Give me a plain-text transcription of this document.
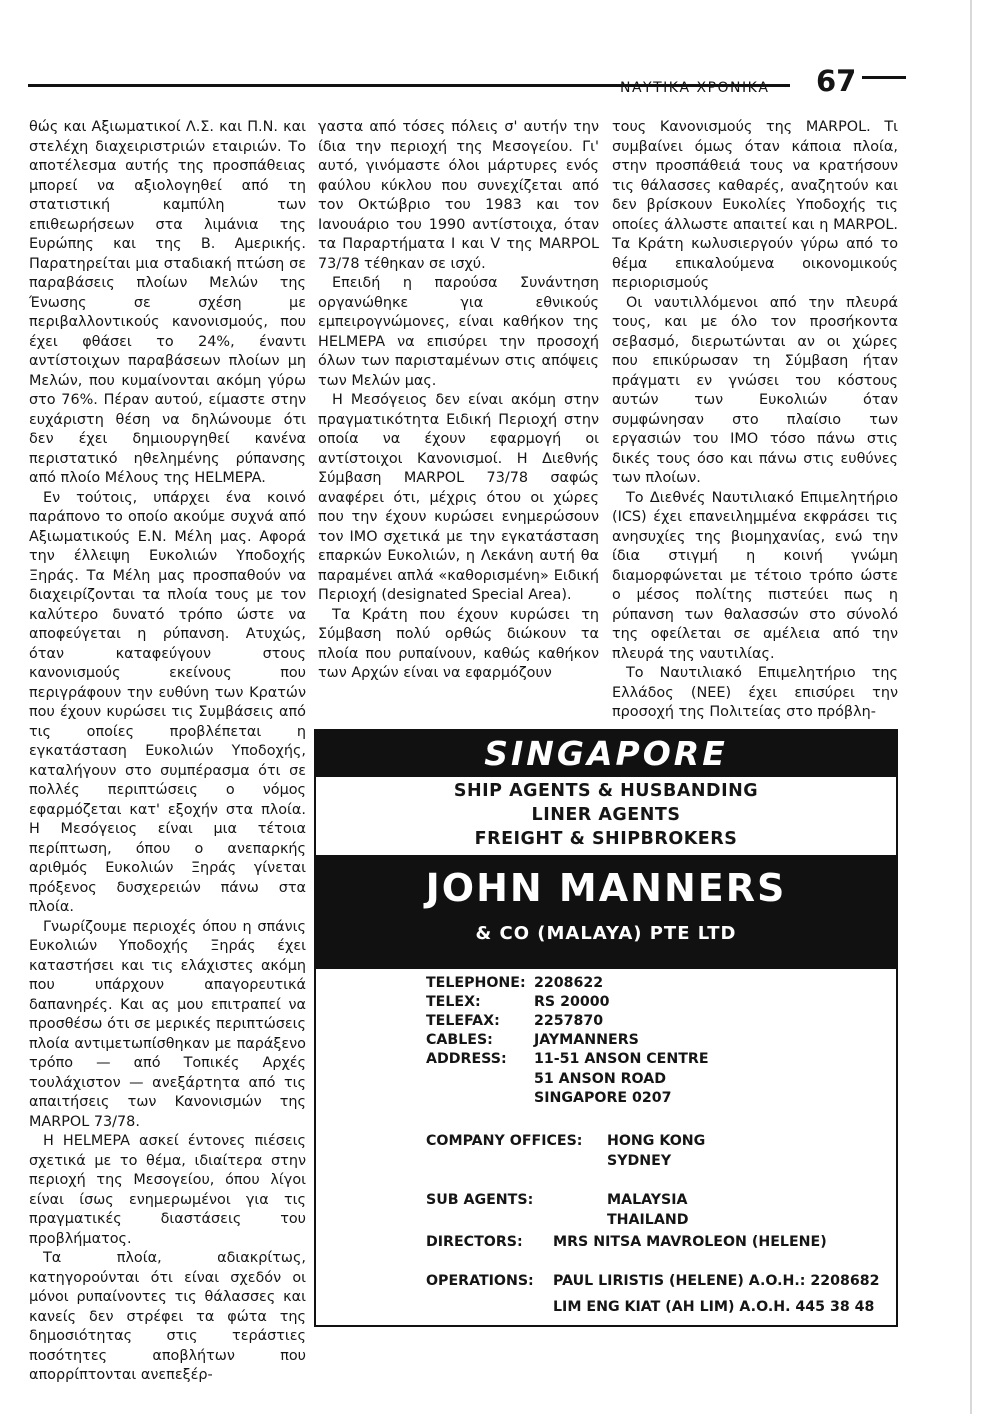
ΝΑΥΤΙΚΑ ΧΡΟΝΙΚΑ 67

θώς και Αξιωματικοί Λ.Σ. και Π.Ν. και στελέχη διαχειριστριών εταιριών. Το αποτέλεσμα αυτής της προσπάθειας μπορεί να αξιολογηθεί από τη στατιστική καμπύλη των επιθεωρήσεων στα λιμάνια της Ευρώπης και της Β. Αμερικής. Παρατηρείται μια σταδιακή πτώση σε παραβάσεις πλοίων Μελών της Ένωσης σε σχέση με περιβαλλοντικούς κανονισμούς, που έχει φθάσει το 24%, έναντι αντίστοιχων παραβάσεων πλοίων μη Μελών, που κυμαίνονται ακόμη γύρω στο 76%. Πέραν αυτού, είμαστε στην ευχάριστη θέση να δηλώνουμε ότι δεν έχει δημιουργηθεί κανένα περιστατικό ηθελημένης ρύπανσης από πλοίο Μέλους της HELMEPA.

Εν τούτοις, υπάρχει ένα κοινό παράπονο το οποίο ακούμε συχνά από Αξιωματικούς Ε.Ν. Μέλη μας. Αφορά την έλλειψη Ευκολιών Υποδοχής Ξηράς. Τα Μέλη μας προσπαθούν να διαχειρίζονται τα πλοία τους με τον καλύτερο δυνατό τρόπο ώστε να αποφεύγεται η ρύπανση. Ατυχώς, όταν καταφεύγουν στους κανονισμούς εκείνους που περιγράφουν την ευθύνη των Κρατών που έχουν κυρώσει τις Συμβάσεις από τις οποίες προβλέπεται η εγκατάσταση Ευκολιών Υποδοχής, καταλήγουν στο συμπέρασμα ότι σε πολλές περιπτώσεις ο νόμος εφαρμόζεται κατ' εξοχήν στα πλοία. Η Μεσόγειος είναι μια τέτοια περίπτωση, όπου ο ανεπαρκής αριθμός Ευκολιών Ξηράς γίνεται πρόξενος δυσχερειών πάνω στα πλοία.

Γνωρίζουμε περιοχές όπου η σπάνις Ευκολιών Υποδοχής Ξηράς έχει καταστήσει και τις ελάχιστες ακόμη που υπάρχουν απαγορευτικά δαπανηρές. Και ας μου επιτραπεί να προσθέσω ότι σε μερικές περιπτώσεις πλοία αντιμετωπίσθηκαν με παράξενο τρόπο — από Τοπικές Αρχές τουλάχιστον — ανεξάρτητα από τις απαιτήσεις των Κανονισμών της MARPOL 73/78.

Η HELMEPA ασκεί έντονες πιέσεις σχετικά με το θέμα, ιδιαίτερα στην περιοχή της Μεσογείου, όπου λίγοι είναι ίσως ενημερωμένοι για τις πραγματικές διαστάσεις του προβλήματος.

Τα πλοία, αδιακρίτως, κατηγορούνται ότι είναι σχεδόν οι μόνοι ρυπαίνοντες τις θάλασσες και κανείς δεν στρέφει τα φώτα της δημοσιότητας στις τεράστιες ποσότητες αποβλήτων που απορρίπτονται ανεπεξέρ-

γαστα από τόσες πόλεις σ' αυτήν την ίδια την περιοχή της Μεσογείου. Γι' αυτό, γινόμαστε όλοι μάρτυρες ενός φαύλου κύκλου που συνεχίζεται από τον Οκτώβριο του 1983 και τον Ιανουάριο του 1990 αντίστοιχα, όταν τα Παραρτήματα I και V της MARPOL 73/78 τέθηκαν σε ισχύ.

Επειδή η παρούσα Συνάντηση οργανώθηκε για εθνικούς εμπειρογνώμονες, είναι καθήκον της HELMEPA να επισύρει την προσοχή όλων των παρισταμένων στις απόψεις των Μελών μας.

Η Μεσόγειος δεν είναι ακόμη στην πραγματικότητα Ειδική Περιοχή στην οποία να έχουν εφαρμογή οι αντίστοιχοι Κανονισμοί. Η Διεθνής Σύμβαση MARPOL 73/78 σαφώς αναφέρει ότι, μέχρις ότου οι χώρες που την έχουν κυρώσει ενημερώσουν τον IMO σχετικά με την εγκατάσταση επαρκών Ευκολιών, η Λεκάνη αυτή θα παραμένει απλά «καθορισμένη» Ειδική Περιοχή (designated Special Area).

Τα Κράτη που έχουν κυρώσει τη Σύμβαση πολύ ορθώς διώκουν τα πλοία που ρυπαίνουν, καθώς καθήκον των Αρχών είναι να εφαρμόζουν

τους Κανονισμούς της MARPOL. Τι συμβαίνει όμως όταν κάποια πλοία, στην προσπάθειά τους να κρατήσουν τις θάλασσες καθαρές, αναζητούν και δεν βρίσκουν Ευκολίες Υποδοχής τις οποίες άλλωστε απαιτεί και η MARPOL. Τα Κράτη κωλυσιεργούν γύρω από το θέμα επικαλούμενα οικονομικούς περιορισμούς

Οι ναυτιλλόμενοι από την πλευρά τους, και με όλο τον προσήκοντα σεβασμό, διερωτώνται αν οι χώρες που επικύρωσαν τη Σύμβαση ήταν πράγματι εν γνώσει του κόστους αυτών των Ευκολιών όταν συμφώνησαν στο πλαίσιο των εργασιών του IMO τόσο πάνω στις δικές τους όσο και πάνω στις ευθύνες των πλοίων.

Το Διεθνές Ναυτιλιακό Επιμελητήριο (ICS) έχει επανειλημμένα εκφράσει τις ανησυχίες της βιομηχανίας, ενώ την ίδια στιγμή η κοινή γνώμη διαμορφώνεται με τέτοιο τρόπο ώστε ο μέσος πολίτης πιστεύει πως η ρύπανση των θαλασσών στο σύνολό της οφείλεται σε αμέλεια από την πλευρά της ναυτιλίας.

Το Ναυτιλιακό Επιμελητήριο της Ελλάδος (ΝΕΕ) έχει επισύρει την προσοχή της Πολιτείας στο πρόβλη-

SINGAPORE
SHIP AGENTS & HUSBANDING
LINER AGENTS
FREIGHT & SHIPBROKERS
JOHN MANNERS
& CO (MALAYA) PTE LTD
TELEPHONE: 2208622
TELEX:	RS 20000
TELEFAX: 2257870
CABLES:	JAYMANNERS
ADDRESS: 11-51 ANSON CENTRE
51 ANSON ROAD
SINGAPORE 0207
COMPANY OFFICES: HONG KONG
SYDNEY
SUB AGENTS:	MALAYSIA
THAILAND
DIRECTORS: MRS NITSA MAVROLEON (HELENE)
OPERATIONS: PAUL LIRISTIS (HELENE) A.O.H.: 2208682
LIM ENG KIAT (AH LIM) A.O.H. 445 38 48
